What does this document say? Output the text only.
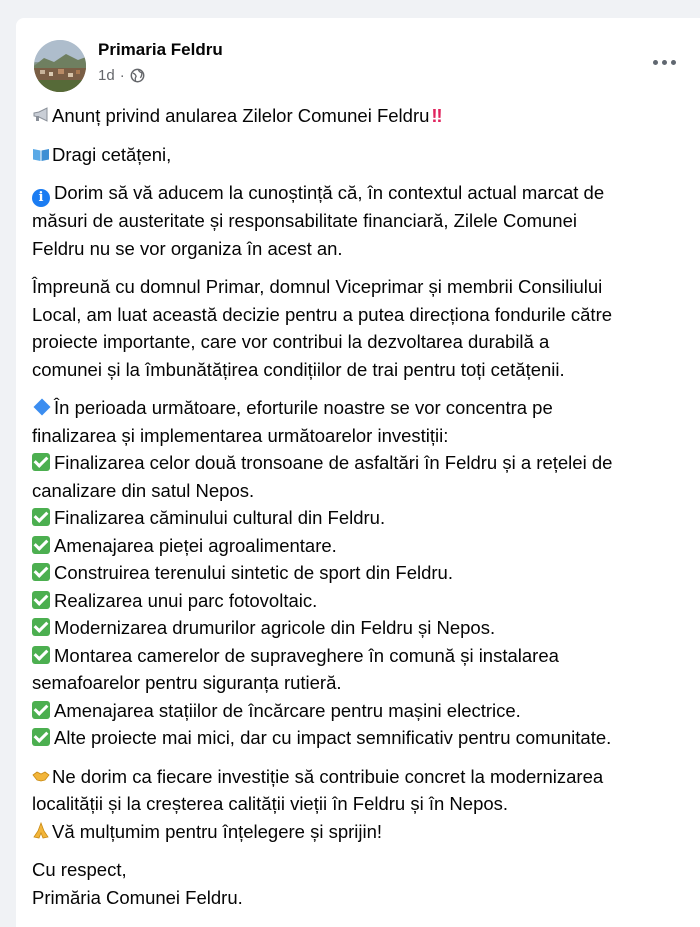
Primaria Feldru
1d ·
Anunț privind anularea Zilelor Comunei Feldru ‼
Dragi cetățeni,
i Dorim să vă aducem la cunoștință că, în contextul actual marcat de
măsuri de austeritate și responsabilitate financiară, Zilele Comunei
Feldru nu se vor organiza în acest an.
Împreună cu domnul Primar, domnul Viceprimar și membrii Consiliului
Local, am luat această decizie pentru a putea direcționa fondurile către
proiecte importante, care vor contribui la dezvoltarea durabilă a
comunei și la îmbunătățirea condițiilor de trai pentru toți cetățenii.
În perioada următoare, eforturile noastre se vor concentra pe
finalizarea și implementarea următoarelor investiții:
Finalizarea celor două tronsoane de asfaltări în Feldru și a rețelei de
canalizare din satul Nepos.
Finalizarea căminului cultural din Feldru.
Amenajarea pieței agroalimentare.
Construirea terenului sintetic de sport din Feldru.
Realizarea unui parc fotovoltaic.
Modernizarea drumurilor agricole din Feldru și Nepos.
Montarea camerelor de supraveghere în comună și instalarea
semafoarelor pentru siguranța rutieră.
Amenajarea stațiilor de încărcare pentru mașini electrice.
Alte proiecte mai mici, dar cu impact semnificativ pentru comunitate.
Ne dorim ca fiecare investiție să contribuie concret la modernizarea
localității și la creșterea calității vieții în Feldru și în Nepos.
Vă mulțumim pentru înțelegere și sprijin!
Cu respect,
Primăria Comunei Feldru.
